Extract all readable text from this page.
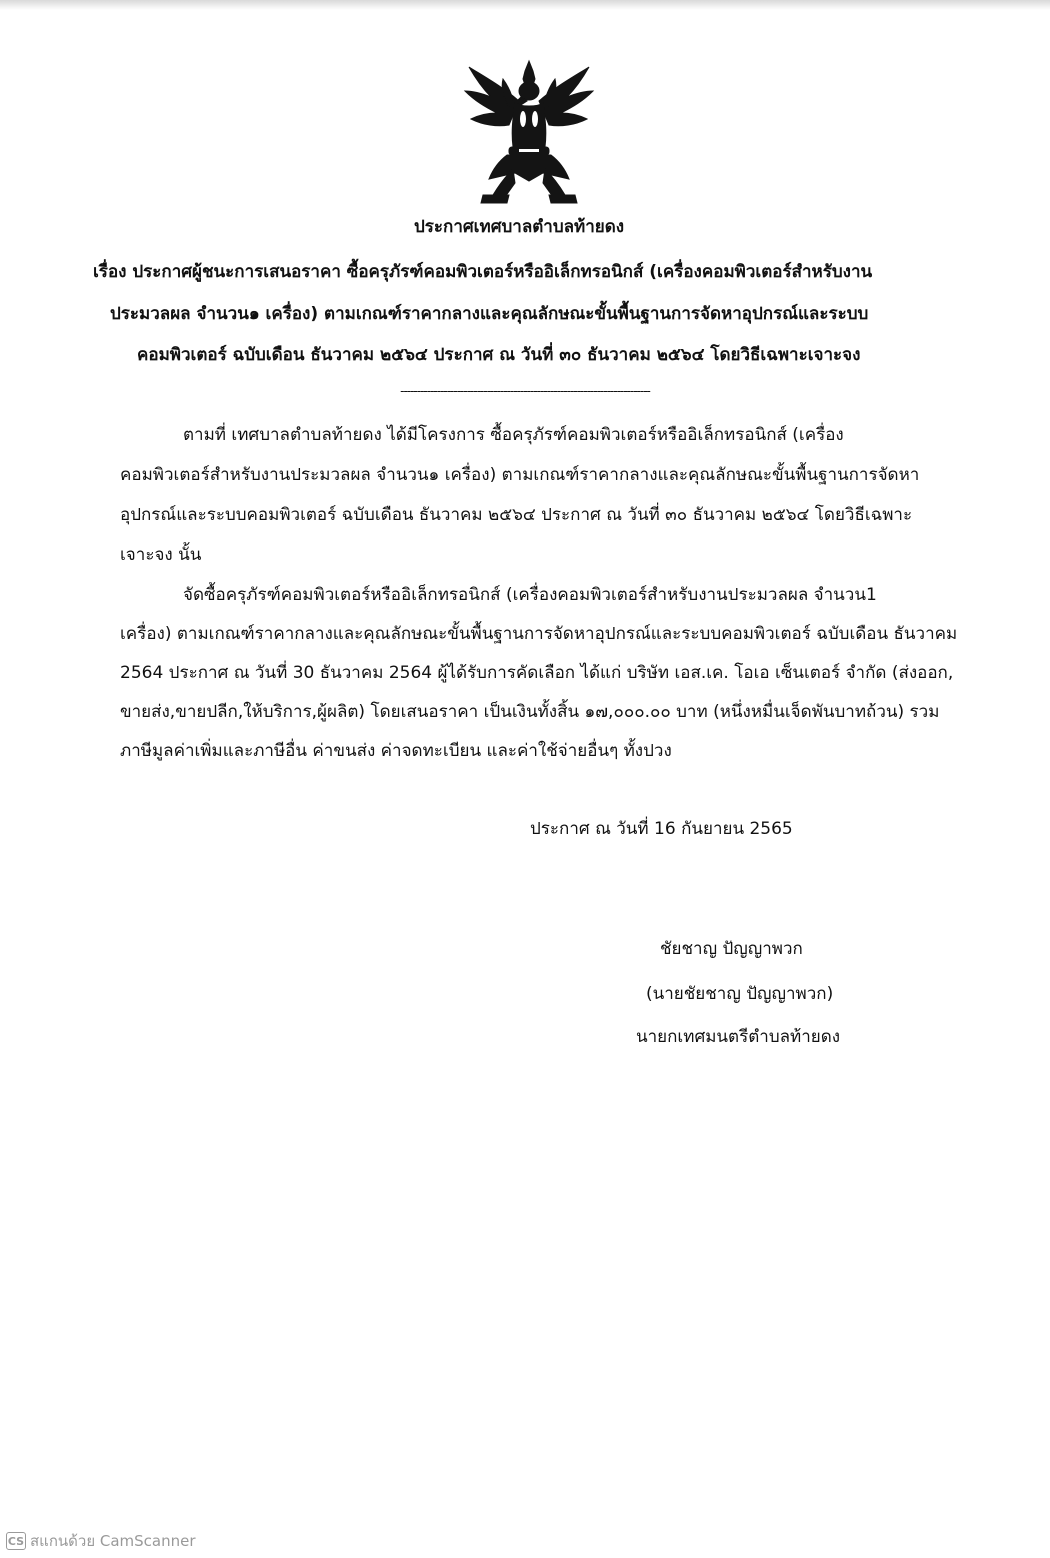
ประกาศเทศบาลตำบลท้ายดง
เรื่อง ประกาศผู้ชนะการเสนอราคา ซื้อครุภัรฑ์คอมพิวเตอร์หรืออิเล็กทรอนิกส์ (เครื่องคอมพิวเตอร์สำหรับงาน
ประมวลผล จำนวน๑ เครื่อง) ตามเกณฑ์ราคากลางและคุณลักษณะขั้นพื้นฐานการจัดหาอุปกรณ์และระบบ
คอมพิวเตอร์ ฉบับเดือน ธันวาคม ๒๕๖๔ ประกาศ ณ วันที่ ๓๐ ธันวาคม ๒๕๖๔ โดยวิธีเฉพาะเจาะจง
---------------------------------------------------------------------------
ตามที่ เทศบาลตำบลท้ายดง ได้มีโครงการ ซื้อครุภัรฑ์คอมพิวเตอร์หรืออิเล็กทรอนิกส์ (เครื่อง
คอมพิวเตอร์สำหรับงานประมวลผล จำนวน๑ เครื่อง) ตามเกณฑ์ราคากลางและคุณลักษณะขั้นพื้นฐานการจัดหา
อุปกรณ์และระบบคอมพิวเตอร์ ฉบับเดือน ธันวาคม ๒๕๖๔ ประกาศ ณ วันที่ ๓๐ ธันวาคม ๒๕๖๔ โดยวิธีเฉพาะ
เจาะจง นั้น
จัดซื้อครุภัรฑ์คอมพิวเตอร์หรืออิเล็กทรอนิกส์ (เครื่องคอมพิวเตอร์สำหรับงานประมวลผล จำนวน1
เครื่อง) ตามเกณฑ์ราคากลางและคุณลักษณะขั้นพื้นฐานการจัดหาอุปกรณ์และระบบคอมพิวเตอร์ ฉบับเดือน ธันวาคม
2564 ประกาศ ณ วันที่ 30 ธันวาคม 2564 ผู้ได้รับการคัดเลือก ได้แก่ บริษัท เอส.เค. โอเอ เซ็นเตอร์ จำกัด (ส่งออก,
ขายส่ง,ขายปลีก,ให้บริการ,ผู้ผลิต) โดยเสนอราคา เป็นเงินทั้งสิ้น ๑๗,๐๐๐.๐๐ บาท (หนึ่งหมื่นเจ็ดพันบาทถ้วน) รวม
ภาษีมูลค่าเพิ่มและภาษีอื่น ค่าขนส่ง ค่าจดทะเบียน และค่าใช้จ่ายอื่นๆ ทั้งปวง
ประกาศ ณ วันที่ 16 กันยายน 2565
ชัยชาญ ปัญญาพวก
(นายชัยชาญ ปัญญาพวก)
นายกเทศมนตรีตำบลท้ายดง
CS สแกนด้วย CamScanner
